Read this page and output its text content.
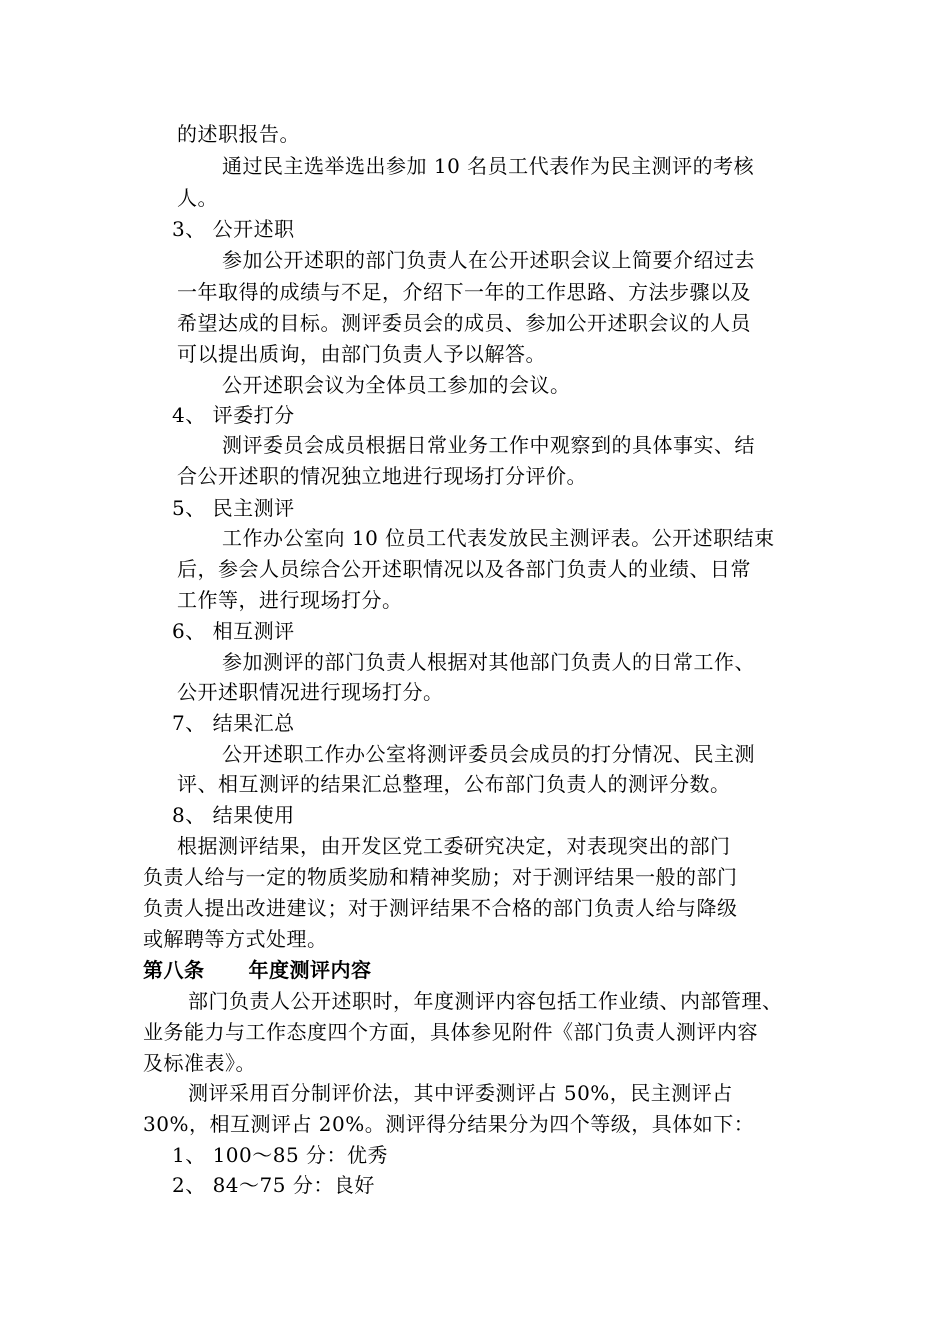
的述职报告。
通过民主选举选出参加 10 名员工代表作为民主测评的考核
人。
3、 公开述职
参加公开述职的部门负责人在公开述职会议上简要介绍过去
一年取得的成绩与不足，介绍下一年的工作思路、方法步骤以及
希望达成的目标。测评委员会的成员、参加公开述职会议的人员
可以提出质询，由部门负责人予以解答。
公开述职会议为全体员工参加的会议。
4、 评委打分
测评委员会成员根据日常业务工作中观察到的具体事实、结
合公开述职的情况独立地进行现场打分评价。
5、 民主测评
工作办公室向 10 位员工代表发放民主测评表。公开述职结束
后，参会人员综合公开述职情况以及各部门负责人的业绩、日常
工作等，进行现场打分。
6、 相互测评
参加测评的部门负责人根据对其他部门负责人的日常工作、
公开述职情况进行现场打分。
7、 结果汇总
公开述职工作办公室将测评委员会成员的打分情况、民主测
评、相互测评的结果汇总整理，公布部门负责人的测评分数。
8、 结果使用
根据测评结果，由开发区党工委研究决定，对表现突出的部门
负责人给与一定的物质奖励和精神奖励；对于测评结果一般的部门
负责人提出改进建议；对于测评结果不合格的部门负责人给与降级
或解聘等方式处理。
第八条 年度测评内容
部门负责人公开述职时，年度测评内容包括工作业绩、内部管理、
业务能力与工作态度四个方面，具体参见附件《部门负责人测评内容
及标准表》。
测评采用百分制评价法，其中评委测评占 50%，民主测评占
30%，相互测评占 20%。测评得分结果分为四个等级，具体如下：
1、 100～85 分：优秀
2、 84～75 分：良好
